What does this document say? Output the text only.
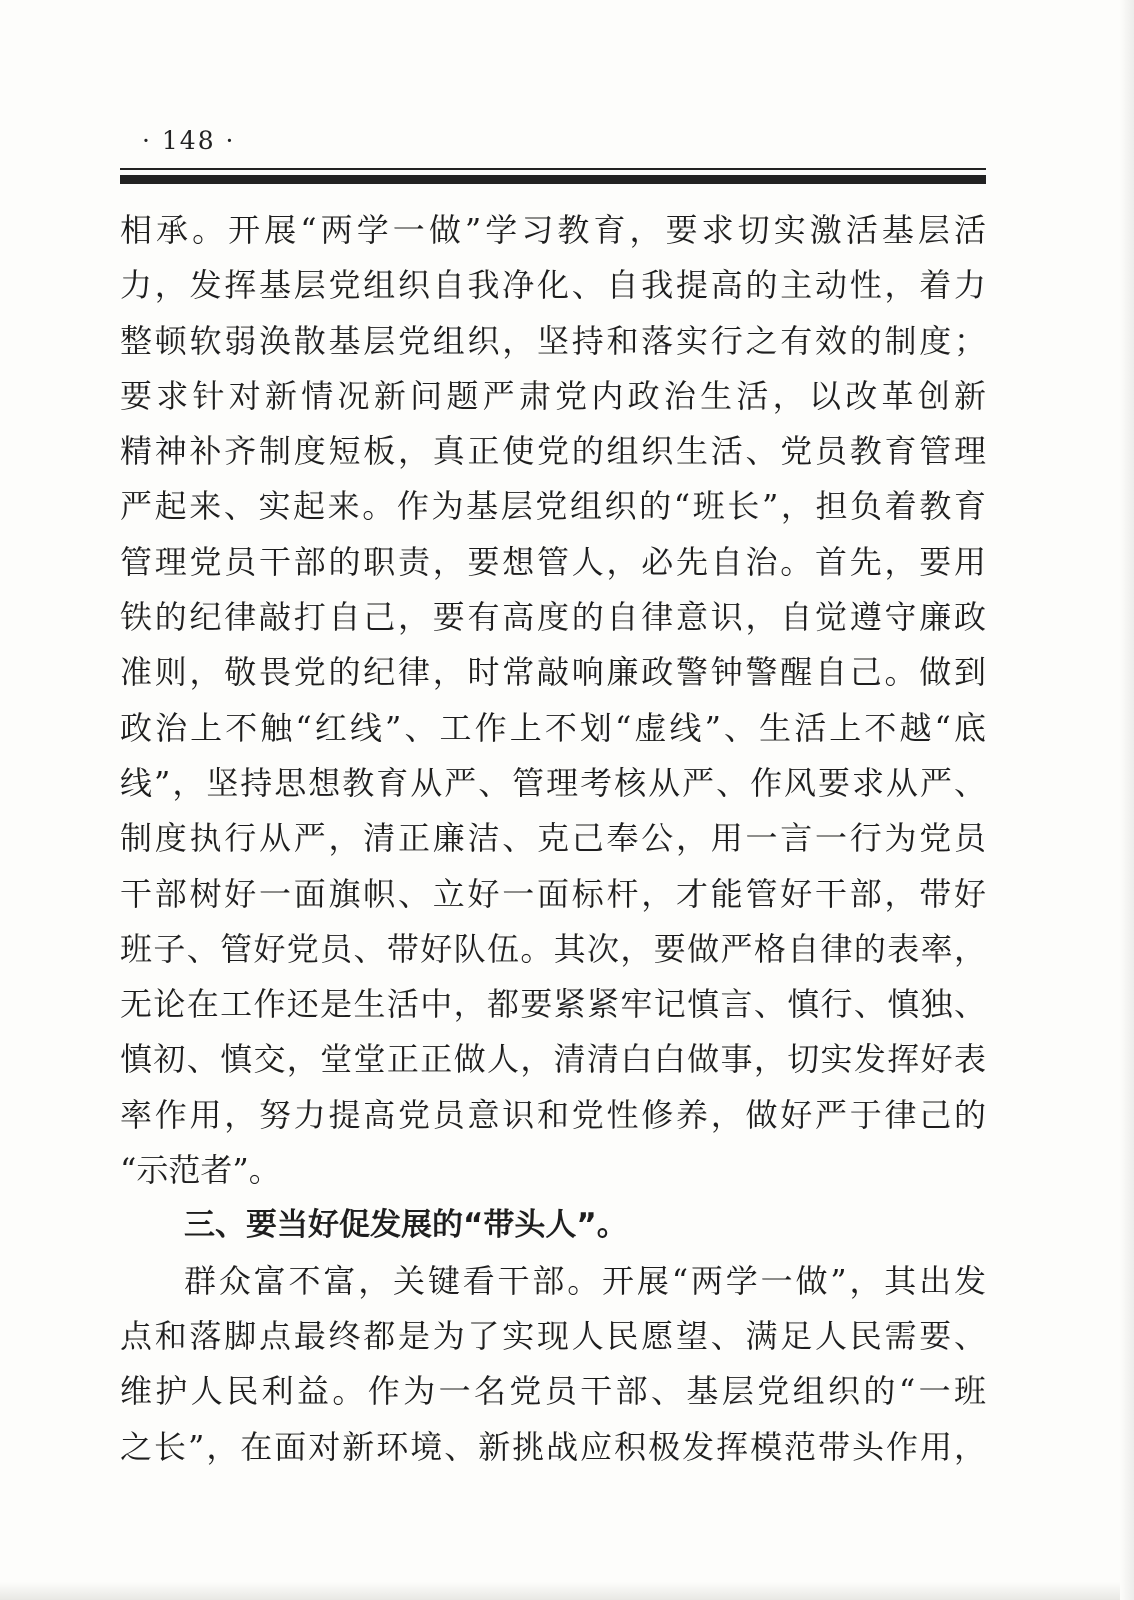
· 148 ·
相承。开展“两学一做”学习教育，要求切实激活基层活
力，发挥基层党组织自我净化、自我提高的主动性，着力
整顿软弱涣散基层党组织，坚持和落实行之有效的制度；
要求针对新情况新问题严肃党内政治生活，以改革创新
精神补齐制度短板，真正使党的组织生活、党员教育管理
严起来、实起来。作为基层党组织的“班长”，担负着教育
管理党员干部的职责，要想管人，必先自治。首先，要用
铁的纪律敲打自己，要有高度的自律意识，自觉遵守廉政
准则，敬畏党的纪律，时常敲响廉政警钟警醒自己。做到
政治上不触“红线”、工作上不划“虚线”、生活上不越“底
线”，坚持思想教育从严、管理考核从严、作风要求从严、
制度执行从严，清正廉洁、克己奉公，用一言一行为党员
干部树好一面旗帜、立好一面标杆，才能管好干部，带好
班子、管好党员、带好队伍。其次，要做严格自律的表率，
无论在工作还是生活中，都要紧紧牢记慎言、慎行、慎独、
慎初、慎交，堂堂正正做人，清清白白做事，切实发挥好表
率作用，努力提高党员意识和党性修养，做好严于律己的
“示范者”。
三、要当好促发展的“带头人”。
群众富不富，关键看干部。开展“两学一做”，其出发
点和落脚点最终都是为了实现人民愿望、满足人民需要、
维护人民利益。作为一名党员干部、基层党组织的“一班
之长”，在面对新环境、新挑战应积极发挥模范带头作用，
